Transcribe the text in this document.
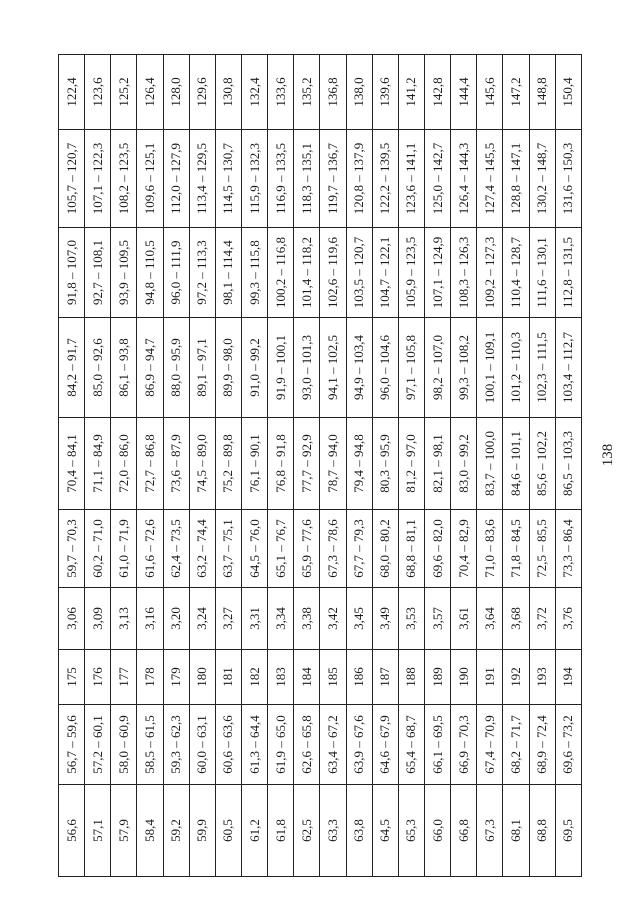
138
56,6	56,7 – 59,6	175	3,06	59,7 – 70,3	70,4 – 84,1	84,2 – 91,7	91,8 – 107,0	105,7 – 120,7	122,4
57,1	57,2 – 60,1	176	3,09	60,2 – 71,0	71,1 – 84,9	85,0 – 92,6	92,7 – 108,1	107,1 – 122,3	123,6
57,9	58,0 – 60,9	177	3,13	61,0 – 71,9	72,0 – 86,0	86,1 – 93,8	93,9 – 109,5	108,2 – 123,5	125,2
58,4	58,5 – 61,5	178	3,16	61,6 – 72,6	72,7 – 86,8	86,9 – 94,7	94,8 – 110,5	109,6 – 125,1	126,4
59,2	59,3 – 62,3	179	3,20	62,4 – 73,5	73,6 – 87,9	88,0 – 95,9	96,0 – 111,9	112,0 – 127,9	128,0
59,9	60,0 – 63,1	180	3,24	63,2 – 74,4	74,5 – 89,0	89,1 – 97,1	97,2 – 113,3	113,4 – 129,5	129,6
60,5	60,6 – 63,6	181	3,27	63,7 – 75,1	75,2 – 89,8	89,9 – 98,0	98,1 – 114,4	114,5 – 130,7	130,8
61,2	61,3 – 64,4	182	3,31	64,5 – 76,0	76,1 – 90,1	91,0 – 99,2	99,3 – 115,8	115,9 – 132,3	132,4
61,8	61,9 – 65,0	183	3,34	65,1 – 76,7	76,8 – 91,8	91,9 – 100,1	100,2 – 116,8	116,9 – 133,5	133,6
62,5	62,6 – 65,8	184	3,38	65,9 – 77,6	77,7 – 92,9	93,0 – 101,3	101,4 – 118,2	118,3 – 135,1	135,2
63,3	63,4 – 67,2	185	3,42	67,3 – 78,6	78,7 – 94,0	94,1 – 102,5	102,6 – 119,6	119,7 – 136,7	136,8
63,8	63,9 – 67,6	186	3,45	67,7 – 79,3	79,4 – 94,8	94,9 – 103,4	103,5 – 120,7	120,8 – 137,9	138,0
64,5	64,6 – 67,9	187	3,49	68,0 – 80,2	80,3 – 95,9	96,0 – 104,6	104,7 – 122,1	122,2 – 139,5	139,6
65,3	65,4 – 68,7	188	3,53	68,8 – 81,1	81,2 – 97,0	97,1 – 105,8	105,9 – 123,5	123,6 – 141,1	141,2
66,0	66,1 – 69,5	189	3,57	69,6 – 82,0	82,1 – 98,1	98,2 – 107,0	107,1 – 124,9	125,0 – 142,7	142,8
66,8	66,9 – 70,3	190	3,61	70,4 – 82,9	83,0 – 99,2	99,3 – 108,2	108,3 – 126,3	126,4 – 144,3	144,4
67,3	67,4 – 70,9	191	3,64	71,0 – 83,6	83,7 – 100,0	100,1 – 109,1	109,2 – 127,3	127,4 – 145,5	145,6
68,1	68,2 – 71,7	192	3,68	71,8 – 84,5	84,6 – 101,1	101,2 – 110,3	110,4 – 128,7	128,8 – 147,1	147,2
68,8	68,9 – 72,4	193	3,72	72,5 – 85,5	85,6 – 102,2	102,3 – 111,5	111,6 – 130,1	130,2 – 148,7	148,8
69,5	69,6 – 73,2	194	3,76	73,3 – 86,4	86,5 – 103,3	103,4 – 112,7	112,8 – 131,5	131,6 – 150,3	150,4
